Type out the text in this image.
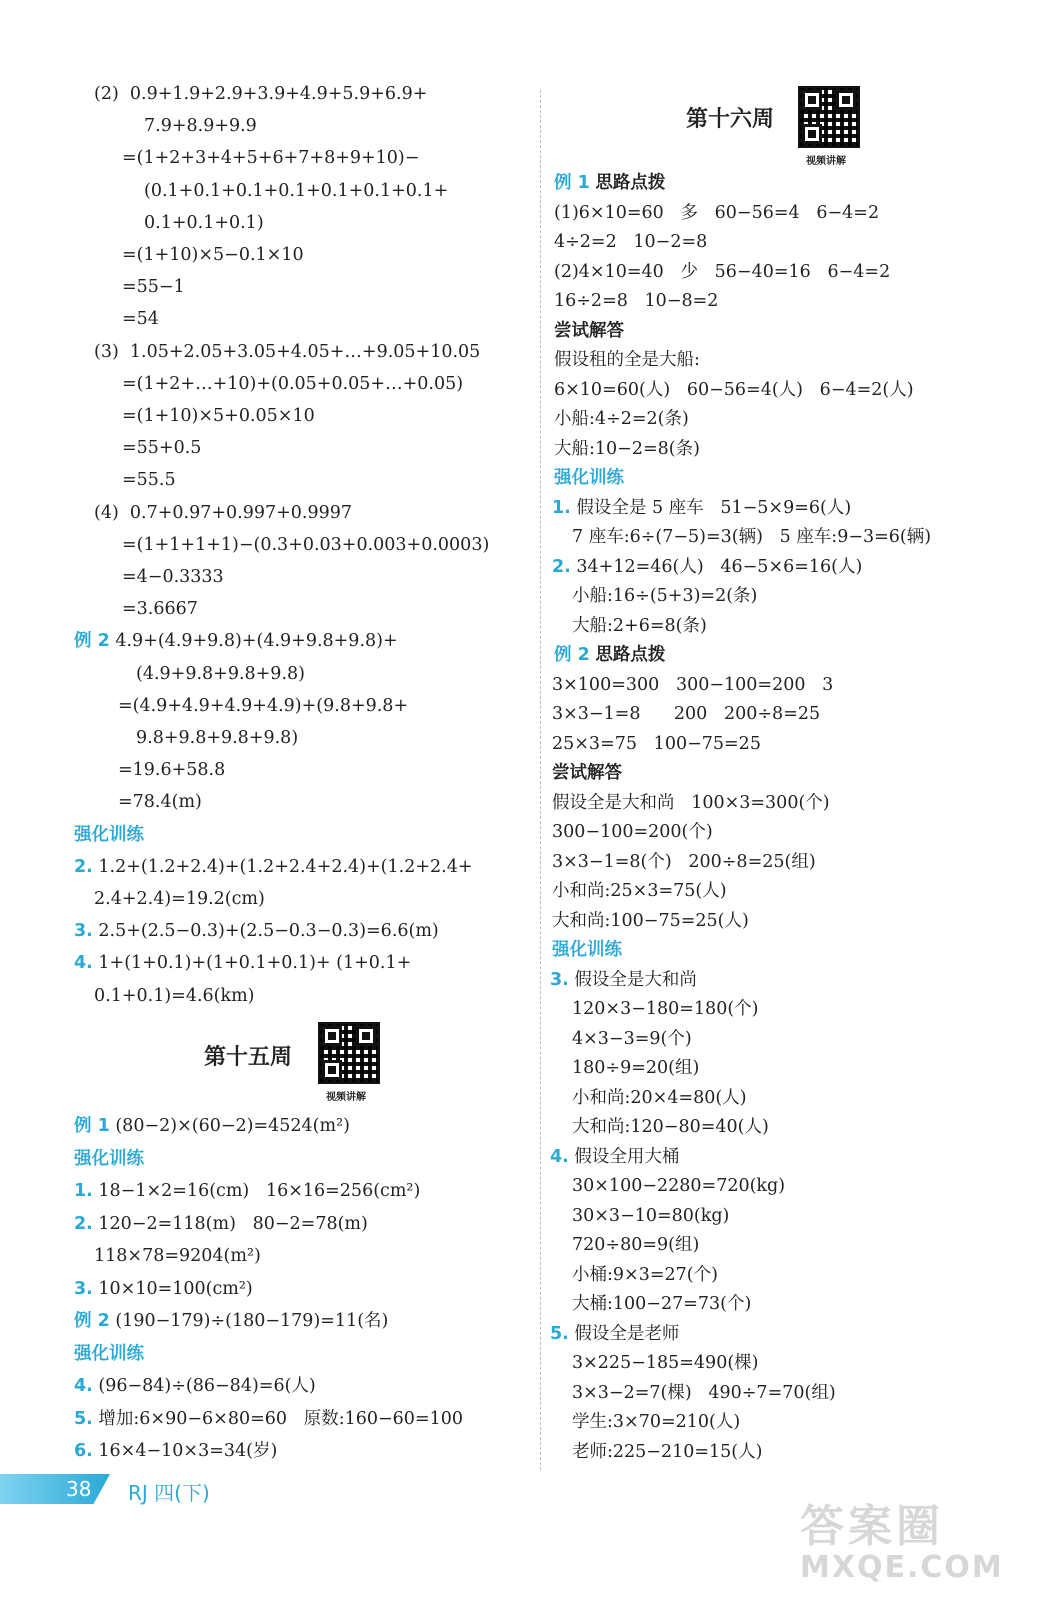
(2)  0.9+1.9+2.9+3.9+4.9+5.9+6.9+
7.9+8.9+9.9
=(1+2+3+4+5+6+7+8+9+10)−
(0.1+0.1+0.1+0.1+0.1+0.1+0.1+
0.1+0.1+0.1)
=(1+10)×5−0.1×10
=55−1
=54
(3)  1.05+2.05+3.05+4.05+…+9.05+10.05
=(1+2+…+10)+(0.05+0.05+…+0.05)
=(1+10)×5+0.05×10
=55+0.5
=55.5
(4)  0.7+0.97+0.997+0.9997
=(1+1+1+1)−(0.3+0.03+0.003+0.0003)
=4−0.3333
=3.6667
例 2 4.9+(4.9+9.8)+(4.9+9.8+9.8)+
(4.9+9.8+9.8+9.8)
=(4.9+4.9+4.9+4.9)+(9.8+9.8+
9.8+9.8+9.8+9.8)
=19.6+58.8
=78.4(m)
强化训练
2. 1.2+(1.2+2.4)+(1.2+2.4+2.4)+(1.2+2.4+
2.4+2.4)=19.2(cm)
3. 2.5+(2.5−0.3)+(2.5−0.3−0.3)=6.6(m)
4. 1+(1+0.1)+(1+0.1+0.1)+ (1+0.1+
0.1+0.1)=4.6(km)
例 1 (80−2)×(60−2)=4524(m²)
强化训练
1. 18−1×2=16(cm)   16×16=256(cm²)
2. 120−2=118(m)   80−2=78(m)
118×78=9204(m²)
3. 10×10=100(cm²)
例 2 (190−179)÷(180−179)=11(名)
强化训练
4. (96−84)÷(86−84)=6(人)
5. 增加:6×90−6×80=60   原数:160−60=100
6. 16×4−10×3=34(岁)
第十五周
视频讲解
例 1 思路点拨
(1)6×10=60   多   60−56=4   6−4=2
4÷2=2   10−2=8
(2)4×10=40   少   56−40=16   6−4=2
16÷2=8   10−8=2
尝试解答
假设租的全是大船:
6×10=60(人)   60−56=4(人)   6−4=2(人)
小船:4÷2=2(条)
大船:10−2=8(条)
强化训练
1. 假设全是 5 座车   51−5×9=6(人)
7 座车:6÷(7−5)=3(辆)   5 座车:9−3=6(辆)
2. 34+12=46(人)   46−5×6=16(人)
小船:16÷(5+3)=2(条)
大船:2+6=8(条)
例 2 思路点拨
3×100=300   300−100=200   3
3×3−1=8      200   200÷8=25
25×3=75   100−75=25
尝试解答
假设全是大和尚   100×3=300(个)
300−100=200(个)
3×3−1=8(个)   200÷8=25(组)
小和尚:25×3=75(人)
大和尚:100−75=25(人)
强化训练
3. 假设全是大和尚
120×3−180=180(个)
4×3−3=9(个)
180÷9=20(组)
小和尚:20×4=80(人)
大和尚:120−80=40(人)
4. 假设全用大桶
30×100−2280=720(kg)
30×3−10=80(kg)
720÷80=9(组)
小桶:9×3=27(个)
大桶:100−27=73(个)
5. 假设全是老师
3×225−185=490(棵)
3×3−2=7(棵)   490÷7=70(组)
学生:3×70=210(人)
老师:225−210=15(人)
第十六周
视频讲解
38 RJ 四(下)
答案圈
MXQE.COM
